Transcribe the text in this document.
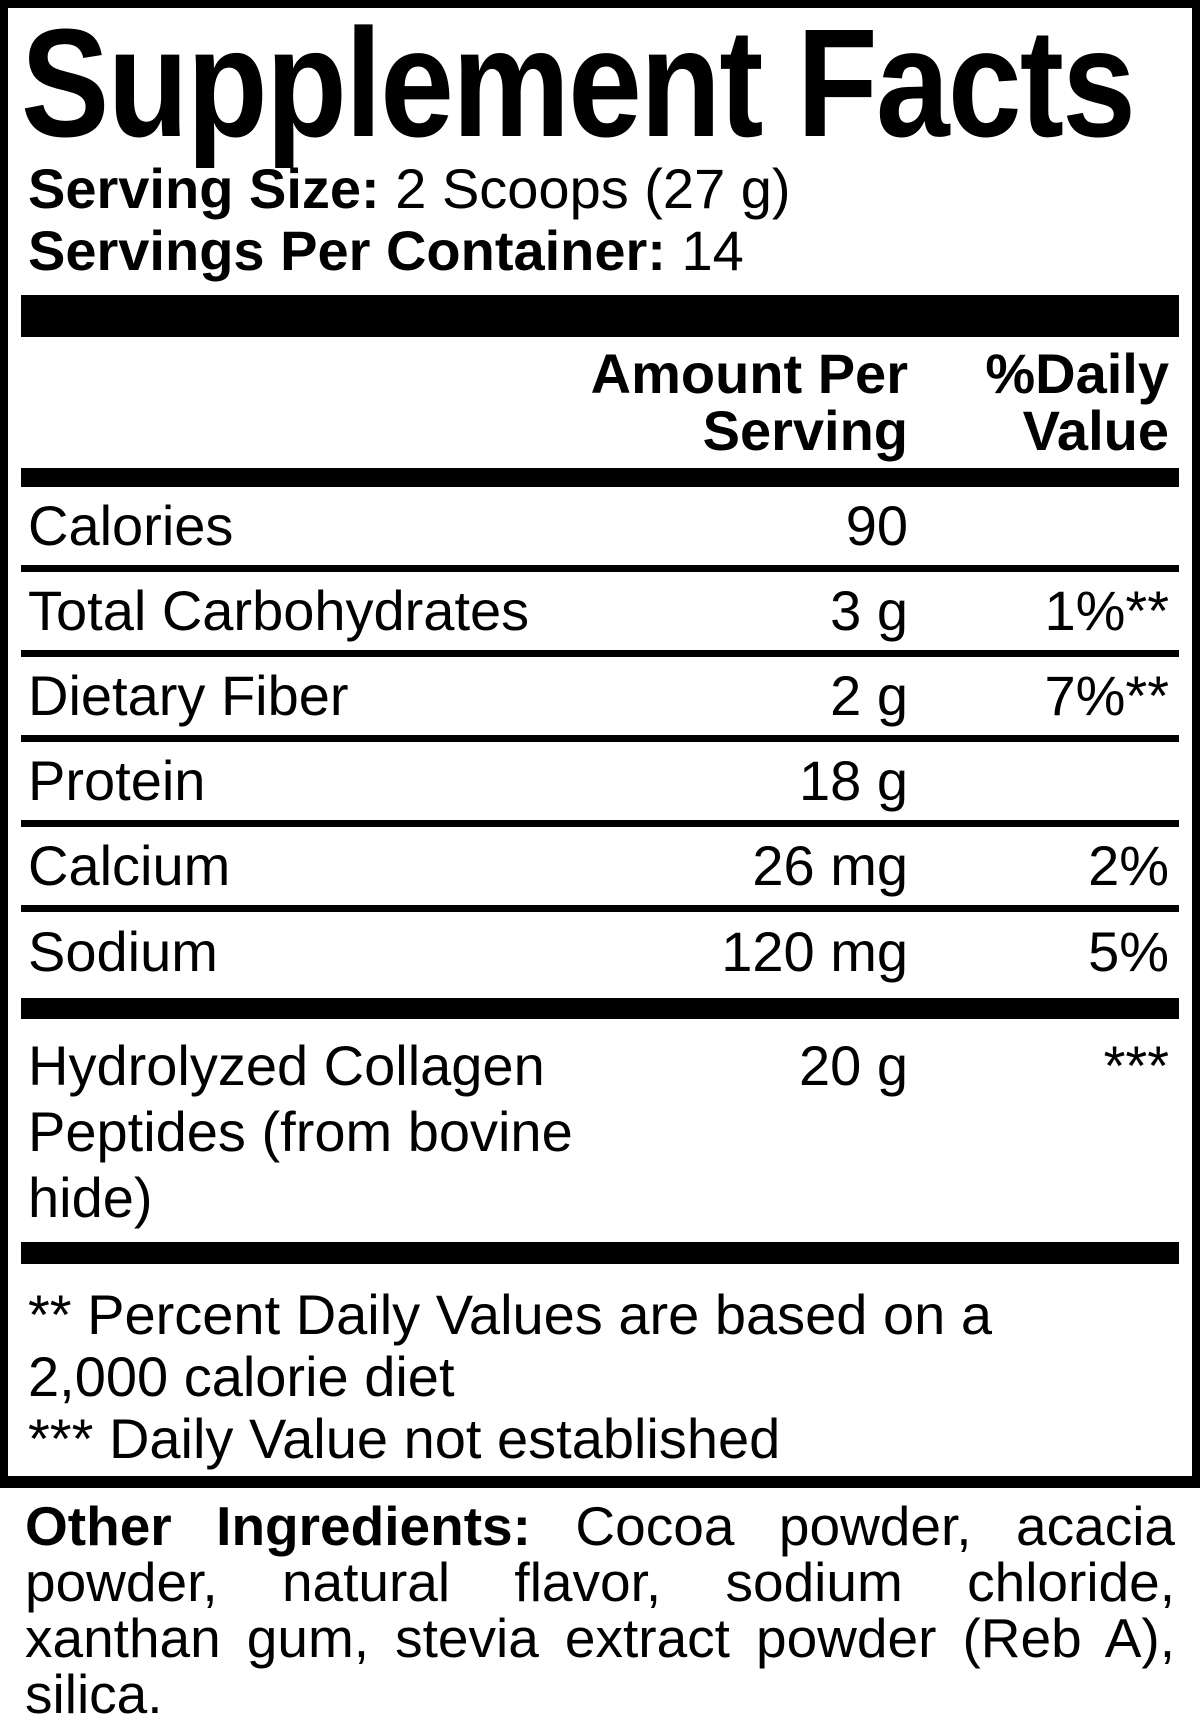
Supplement Facts
Serving Size: 2 Scoops (27 g)
Servings Per Container: 14
Amount Per
Serving
%Daily
Value
Calories	90
Total Carbohydrates	3 g	1%**
Dietary Fiber	2 g	7%**
Protein	18 g
Calcium	26 mg	2%
Sodium	120 mg	5%
Hydrolyzed Collagen
Peptides (from bovine hide)
20 g	***
** Percent Daily Values are based on a
2,000 calorie diet
*** Daily Value not established
Other Ingredients: Cocoa powder, acacia
powder, natural flavor, sodium chloride,
xanthan gum, stevia extract powder (Reb A),
silica.
